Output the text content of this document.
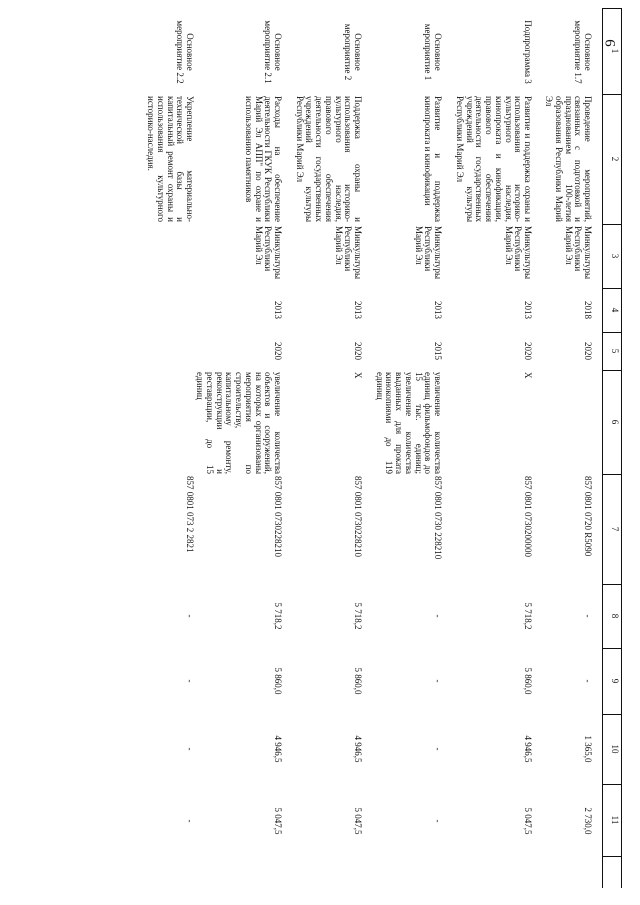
9
1
2
3
4
5
6
7
8
9
10
11
Основное мероприятие 1.7
Проведение мероприятий, связанных с подготовкой и празднованием 100-летия образования Республики Марий Эл
Минкультуры Республики Марий Эл
2018
2020
857 0801 0720 R5090
-
-
1 365,0
2 730,0
Подпрограмма 3
Развитие и поддержка охраны и использования историко-культурного наследия, кинопроката и кинофикации, правового обеспечения деятельности государственных учреждений культуры Республики Марий Эл
Минкультуры Республики Марий Эл
2013
2020
X
857 0801 0730200000
5 718,2
5 860,0
4 946,5
5 047,5
Основное мероприятие 1
Развитие и поддержка кинопроката и кинофикации
Минкультуры Республики Марий Эл
2013
2015
увеличение количества единиц фильмофондов до 15 тыс. единиц; увеличение количества выданных для проката кинокопиями до 119 единиц
857 0801 0730 228210
-
-
-
-
Основное мероприятие 2
Поддержка охраны и использования историко-культурного наследия, правового обеспечения деятельности государственных учреждений культуры Республики Марий Эл
Минкультуры Республики Марий Эл
2013
2020
X
857 0801 0730228210
5 718,2
5 860,0
4 946,5
5 047,5
Основное мероприятие 2.1
Расходы на обеспечение деятельности ГКУК Республики Марий Эл АПП" по охране и использованию памятников
Минкультуры Республики Марий Эл
2013
2020
увеличение количества объектов и сооружений, на которых организованы мероприятия по строительству, капитальному ремонту, реконструкции и реставрации, до 15 единиц
857 0801 0730228210
5 718,2
5 860,0
4 946,5
5 047,5
Основное мероприятие 2.2
Укрепление материально-технической базы и капитальный ремонт охраны и использования культурного историко-наследия.
857 0801 073 2 2821
-
-
-
-
